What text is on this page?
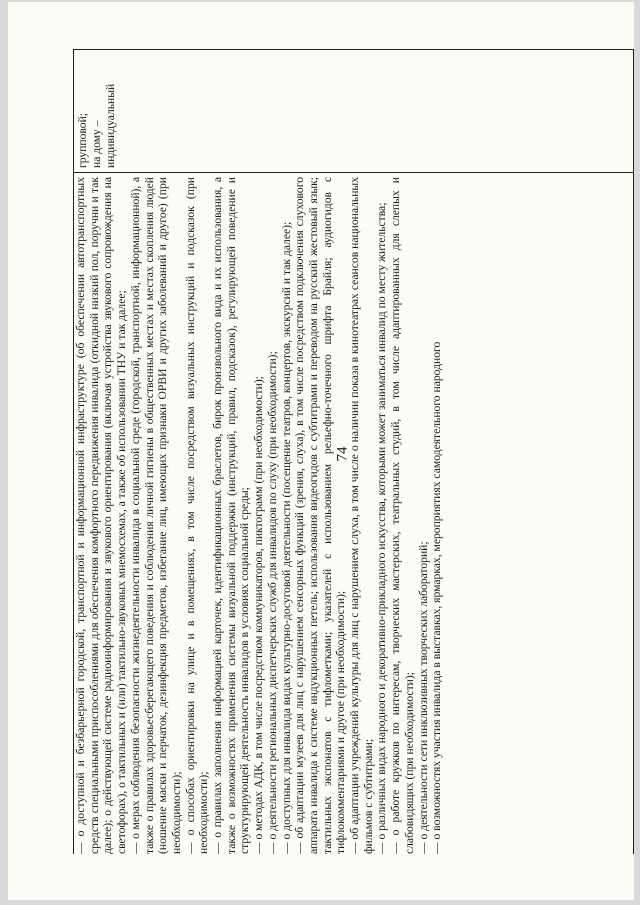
74
— о доступной и безбарьерной городской, транспортной и информационной инфраструктуре (об обеспечении автотранспортных средств специальными приспособлениями для обеспечения комфортного передвижения инвалида (откидной низкий пол, поручни и так далее); о действующей системе радиоинформирования и звукового ориентирования (включая устройства звукового сопровождения на светофорах), о тактильных и (или) тактильно-звуковых мнемосхемах, а также об использовании ТНУ и так далее; — о мерах соблюдения безопасности жизнедеятельности инвалида в социальной среде (городской, транспортной, информационной), а также о правилах здоровьесберегающего поведения и соблюдения личной гигиены в общественных местах и местах скопления людей (ношение маски и перчаток, дезинфекция предметов, избегание лиц, имеющих признаки ОРВИ и других заболеваний и другое) (при необходимости); — о способах ориентировки на улице и в помещениях, в том числе посредством визуальных инструкций и подсказок (при необходимости); — о правилах заполнения информацией карточек, идентификационных браслетов, бирок произвольного вида и их использования, а также о возможностях применения системы визуальной поддержки (инструкций, правил, подсказок), регулирующей поведение и структурирующей деятельность инвалидов в условиях социальной среды; — о методах АДК, в том числе посредством коммуникаторов, пиктограмм (при необходимости); — о деятельности региональных диспетчерских служб для инвалидов по слуху (при необходимости); — о доступных для инвалида видах культурно-досуговой деятельности (посещение театров, концертов, экскурсий и так далее); — об адаптации музеев для лиц с нарушением сенсорных функций (зрения, слуха), в том числе посредством подключения слухового аппарата инвалида к системе индукционных петель; использования видеогидов с субтитрами и переводом на русский жестовый язык; тактильных экспонатов с тифлометками; указателей с использованием рельефно-точечного шрифта Брайля; аудиогидов с тифлокомментариями и другое (при необходимости); — об адаптации учреждений культуры для лиц с нарушением слуха, в том числе о наличии показа в кинотеатрах сеансов национальных фильмов с субтитрами; — о различных видах народного и декоративно-прикладного искусства, которыми может заниматься инвалид по месту жительства; — о работе кружков по интересам, творческих мастерских, театральных студий, в том числе адаптированных для слепых и слабовидящих (при необходимости); — о деятельности сети инклюзивных творческих лабораторий; — о возможностях участия инвалида в выставках, ярмарках, мероприятиях самодеятельного народного
групповой; на дому – индивидуальный
